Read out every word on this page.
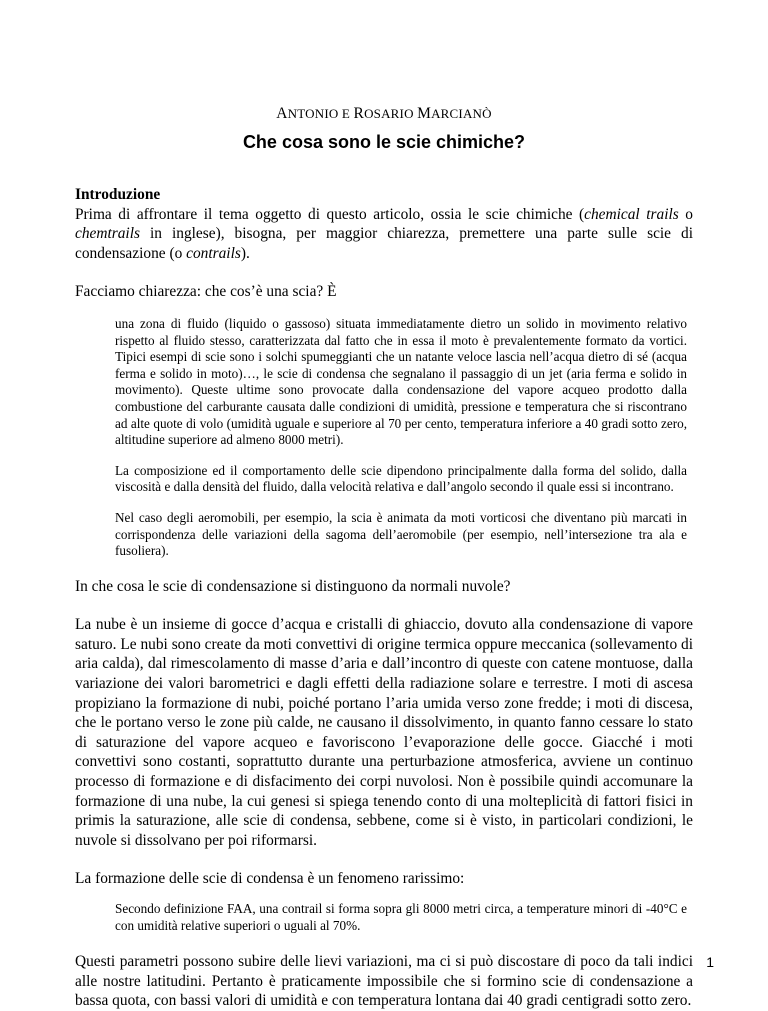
ANTONIO E ROSARIO MARCIANÒ
Che cosa sono le scie chimiche?
Introduzione

Prima di affrontare il tema oggetto di questo articolo, ossia le scie chimiche (chemical trails o chemtrails in inglese), bisogna, per maggior chiarezza, premettere una parte sulle scie di condensazione (o contrails).

Facciamo chiarezza: che cos’è una scia? È

una zona di fluido (liquido o gassoso) situata immediatamente dietro un solido in movimento relativo rispetto al fluido stesso, caratterizzata dal fatto che in essa il moto è prevalentemente formato da vortici. Tipici esempi di scie sono i solchi spumeggianti che un natante veloce lascia nell’acqua dietro di sé (acqua ferma e solido in moto)…, le scie di condensa che segnalano il passaggio di un jet (aria ferma e solido in movimento). Queste ultime sono provocate dalla condensazione del vapore acqueo prodotto dalla combustione del carburante causata dalle condizioni di umidità, pressione e temperatura che si riscontrano ad alte quote di volo (umidità uguale e superiore al 70 per cento, temperatura inferiore a 40 gradi sotto zero, altitudine superiore ad almeno 8000 metri).

La composizione ed il comportamento delle scie dipendono principalmente dalla forma del solido, dalla viscosità e dalla densità del fluido, dalla velocità relativa e dall’angolo secondo il quale essi si incontrano.

Nel caso degli aeromobili, per esempio, la scia è animata da moti vorticosi che diventano più marcati in corrispondenza delle variazioni della sagoma dell’aeromobile (per esempio, nell’intersezione tra ala e fusoliera).

In che cosa le scie di condensazione si distinguono da normali nuvole?

La nube è un insieme di gocce d’acqua e cristalli di ghiaccio, dovuto alla condensazione di vapore saturo. Le nubi sono create da moti convettivi di origine termica oppure meccanica (sollevamento di aria calda), dal rimescolamento di masse d’aria e dall’incontro di queste con catene montuose, dalla variazione dei valori barometrici e dagli effetti della radiazione solare e terrestre. I moti di ascesa propiziano la formazione di nubi, poiché portano l’aria umida verso zone fredde; i moti di discesa, che le portano verso le zone più calde, ne causano il dissolvimento, in quanto fanno cessare lo stato di saturazione del vapore acqueo e favoriscono l’evaporazione delle gocce. Giacché i moti convettivi sono costanti, soprattutto durante una perturbazione atmosferica, avviene un continuo processo di formazione e di disfacimento dei corpi nuvolosi. Non è possibile quindi accomunare la formazione di una nube, la cui genesi si spiega tenendo conto di una molteplicità di fattori fisici in primis la saturazione, alle scie di condensa, sebbene, come si è visto, in particolari condizioni, le nuvole si dissolvano per poi riformarsi.

La formazione delle scie di condensa è un fenomeno rarissimo:

Secondo definizione FAA, una contrail si forma sopra gli 8000 metri circa, a temperature minori di -40°C e con umidità relative superiori o uguali al 70%.

Questi parametri possono subire delle lievi variazioni, ma ci si può discostare di poco da tali indici alle nostre latitudini. Pertanto è praticamente impossibile che si formino scie di condensazione a bassa quota, con bassi valori di umidità e con temperatura lontana dai 40 gradi centigradi sotto zero.

1
